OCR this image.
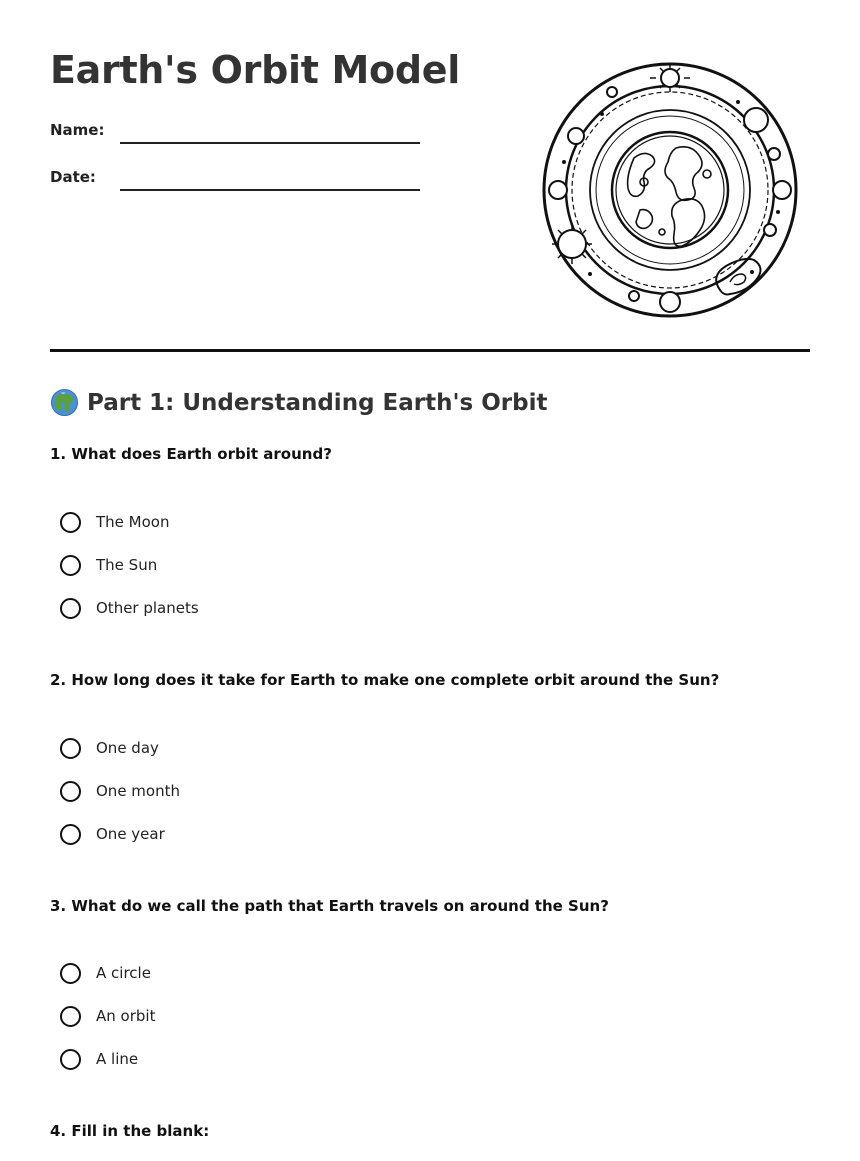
Earth's Orbit Model
Name:
Date:
Part 1: Understanding Earth's Orbit

1. What does Earth orbit around?

The Moon
The Sun
Other planets

2. How long does it take for Earth to make one complete orbit around the Sun?

One day
One month
One year

3. What do we call the path that Earth travels on around the Sun?

A circle
An orbit
A line

4. Fill in the blank:
